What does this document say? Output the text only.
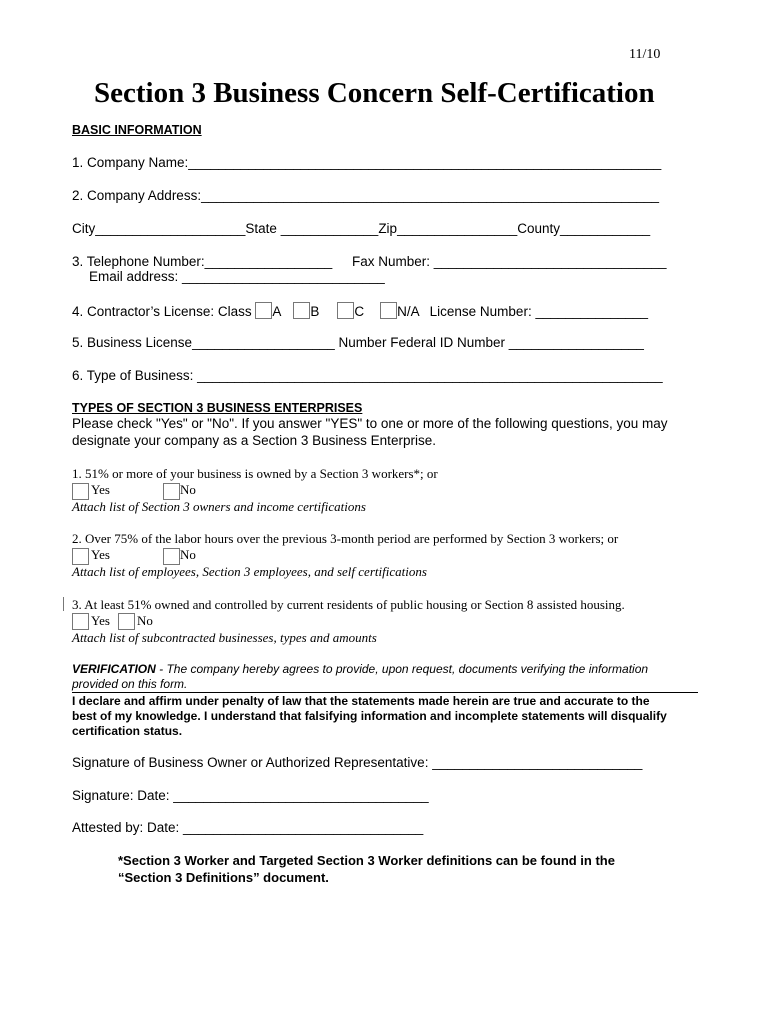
11/10
Section 3 Business Concern Self-Certification
BASIC INFORMATION
1. Company Name:_______________________________________________________________
2. Company Address:_____________________________________________________________
City____________________State _____________Zip________________County____________
3. Telephone Number:_________________ Fax Number: _______________________________
Email address: ___________________________
4. Contractor’s License: Class A B	C N/A License Number: _______________
5. Business License___________________ Number Federal ID Number __________________
6. Type of Business: ______________________________________________________________
TYPES OF SECTION 3 BUSINESS ENTERPRISES
Please check "Yes" or "No". If you answer "YES" to one or more of the following questions, you may
designate your company as a Section 3 Business Enterprise.
1. 51% or more of your business is owned by a Section 3 workers*; or
Yes	No
Attach list of Section 3 owners and income certifications
2. Over 75% of the labor hours over the previous 3-month period are performed by Section 3 workers; or
Yes	No
Attach list of employees, Section 3 employees, and self certifications
3. At least 51% owned and controlled by current residents of public housing or Section 8 assisted housing.
Yes No
Attach list of subcontracted businesses, types and amounts
VERIFICATION - The company hereby agrees to provide, upon request, documents verifying the information
provided on this form.
I declare and affirm under penalty of law that the statements made herein are true and accurate to the
best of my knowledge. I understand that falsifying information and incomplete statements will disqualify
certification status.
Signature of Business Owner or Authorized Representative: ____________________________
Signature: Date: __________________________________
Attested by: Date: ________________________________
*Section 3 Worker and Targeted Section 3 Worker definitions can be found in the
“Section 3 Definitions” document.
